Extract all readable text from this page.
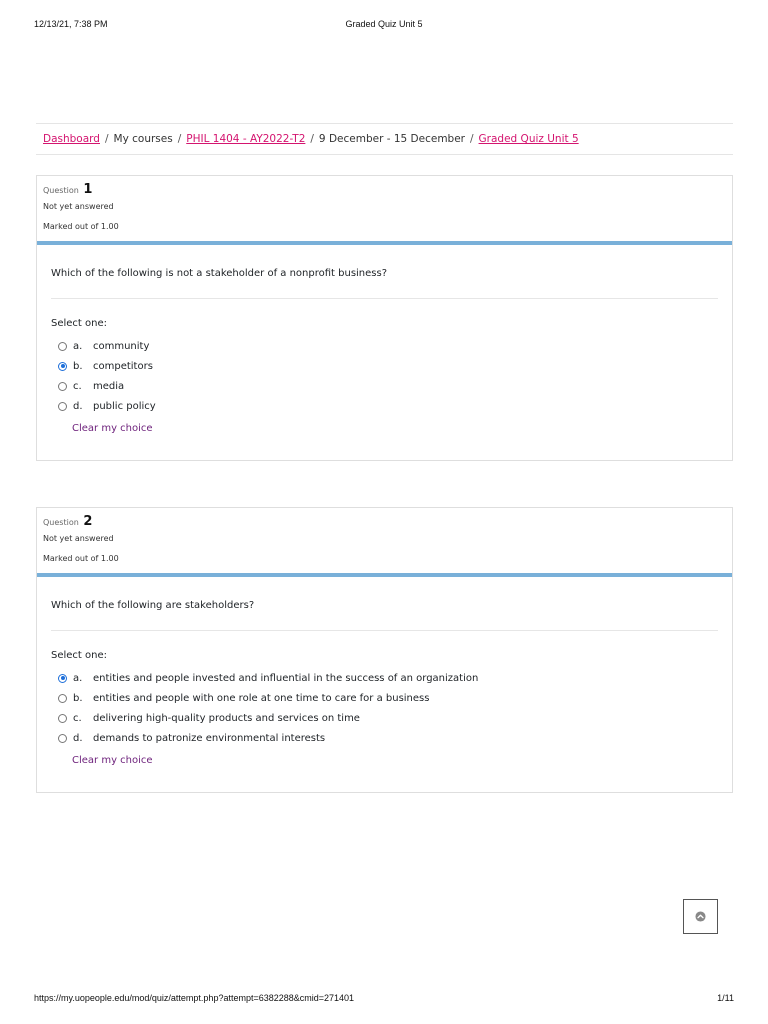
12/13/21, 7:38 PM	Graded Quiz Unit 5
Dashboard / My courses / PHIL 1404 - AY2022-T2 / 9 December - 15 December / Graded Quiz Unit 5
Question 1
Not yet answered
Marked out of 1.00
Which of the following is not a stakeholder of a nonprofit business?
Select one:
a.	community
b.	competitors
c.	media
d.	public policy
Clear my choice
Question 2
Not yet answered
Marked out of 1.00
Which of the following are stakeholders?
Select one:
a.	entities and people invested and influential in the success of an organization
b.	entities and people with one role at one time to care for a business
c.	delivering high-quality products and services on time
d.	demands to patronize environmental interests
Clear my choice
https://my.uopeople.edu/mod/quiz/attempt.php?attempt=6382288&cmid=271401	1/11
